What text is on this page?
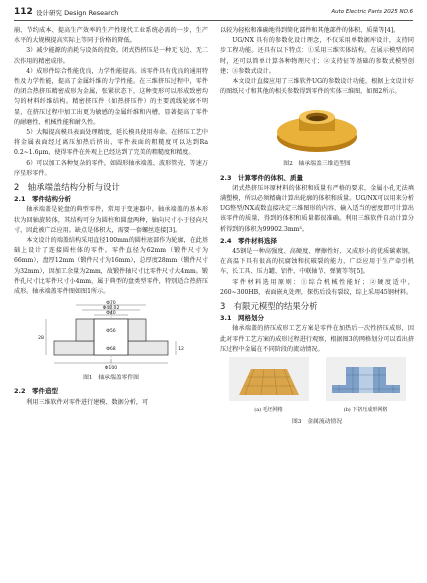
112 设计研究 Design Research	Auto Electric Parts 2025 NO.6

崩、节约成本、提高生产效率的生产性现代工业系统必需的一步，生产水平的大规模提高实际上等同于价格的降低。

3）减少能源的消耗与设备的投资。闭式热挤压是一种无飞边、无二次作用的精密成形。

4）成形件综合性能优良，力学性能提高。该零件具有优良的通用特性及力学性能，提高了金属纤维的力学性能。在三维挤压过程中，零件的闭合热挤压精密成形为金属，张紧状态下，这种变形可以形成致密均匀的材料纤维结构。精密挤压件（如热挤压件）的主要流线轮廓不明显，在挤压过程中加工出更为敏感的金属纤维和内槽，显著提高了零件的耐磨性、机械性能和耐久性。

5）大幅提高模具表面处理精度，延长模具使用寿命。在挤压工艺中将金属表面经过离压加热后挤出，零件表面的粗糙度可以达到Ra 0.2~1.6μm，使得零件在外观上已经达到了完美的粗糙度和精度。

6）可以加工各种复杂的零件。如圆形轴承端盖、波形管壳、等速万序星形零件。

2　轴承端盖结构分析与设计
2.1　零件结构分析

轴承端盖是轮盘的典型零件，常用于变速器中。轴承端盖的基本形状为回轴旋转体，其结构可分为圆柱和圆盘两种，轴向尺寸小于径向尺寸，因此被广泛应用。缺点是体积大，需要一套螺丝连接[3]。

本文设计的端盖结构采用直径100mm的圆柱底部作为轮廓，在此基础上设计了连接圆柱体的零件。零件直径为62mm（锻件尺寸为66mm），盘厚12mm（锻件尺寸为16mm），总厚度28mm（锻件尺寸为32mm），因加工余量为2mm，故锻件轴尺寸比零件尺寸大4mm。锻件孔尺寸比零件尺寸小4mm，属于典型的盘类型零件，特别适合热挤压成形。轴承端盖零件图如图1所示。

Φ70
Φ48.02
Φ40
Φ56
Φ68
Φ100
12
28
图1　轴承端盖零件图
2.2　零件造型

利用三维软件对零件进行建模、数据分析，可

以较为轻松和准确地得到简化部件和其他部件的体积、质量等[4]。

UG/NX 具有的参数化设计理念，不仅采用单数据库设计，支持同步工程功能。还具有以下特点：①采用三维实体结构，在展示模型的同时，还可以简单计算各种物理尺寸；②支持征等基础的参数式模型创建；③参数式设计。

本文设计直接应用了三维软件UG的参数设计功能，根据上文设计好的图纸尺寸和其他的相关参数得到零件的实体三维图，如图2所示。

图2　轴承端盖三维造型图
2.3　计算零件的体积、质量

闭式热挤压坏原材料的体积和质量有严格的要求，金属小孔无法填满塑模，所以必须精确计算出轮廓的体积和质量。UG/NX可以用来分析UG整型/NX或数直接决定三维图形的内容，输入适当的密度即可计算出该零件的质量，得到的体积和质量都很准确。利用三维软件自动计算分析得到的体积为99902.3mm³。

2.4　零件材料选择

45钢是一种高强度、高硬度、摩擦性好、又成形小的优质碳素钢，在高温下具有很高的抗腐蚀和抗破裂的能力，广泛应用于生产牵引机车、长工具、压力罐、铝件、中联轴节、弹簧等等[5]。

零件材料选用原则：①综合机械性能好；②硬度适中，260~300HB，表面嵌丸处理，探伤后没有裂纹，综上采用45钢材料。

3　有限元模型的结果分析
3.1　网格划分

轴承端盖的挤压成形工艺方案是零件在加热后一次性挤压成形，因此对零件工艺方案的成形过程进行观察，根据图3的网格划分可以看出挤压过程中金属在不同阶段的流动情况。

(a) 毛坯网格	(b) 下挤压成形网格
图3　金属流动情况
